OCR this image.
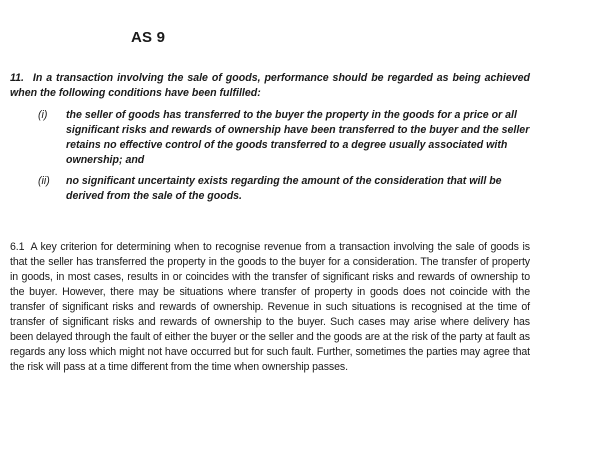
AS 9

11. In a transaction involving the sale of goods, performance should be regarded as being achieved when the following conditions have been fulfilled:

(i)	the seller of goods has transferred to the buyer the property in the goods for a price or all significant risks and rewards of ownership have been transferred to the buyer and the seller retains no effective control of the goods transferred to a degree usually associated with ownership; and
(ii)	no significant uncertainty exists regarding the amount of the consideration that will be derived from the sale of the goods.

6.1 A key criterion for determining when to recognise revenue from a transaction involving the sale of goods is that the seller has transferred the property in the goods to the buyer for a consideration. The transfer of property in goods, in most cases, results in or coincides with the transfer of significant risks and rewards of ownership to the buyer. However, there may be situations where transfer of property in goods does not coincide with the transfer of significant risks and rewards of ownership. Revenue in such situations is recognised at the time of transfer of significant risks and rewards of ownership to the buyer. Such cases may arise where delivery has been delayed through the fault of either the buyer or the seller and the goods are at the risk of the party at fault as regards any loss which might not have occurred but for such fault. Further, sometimes the parties may agree that the risk will pass at a time different from the time when ownership passes.
